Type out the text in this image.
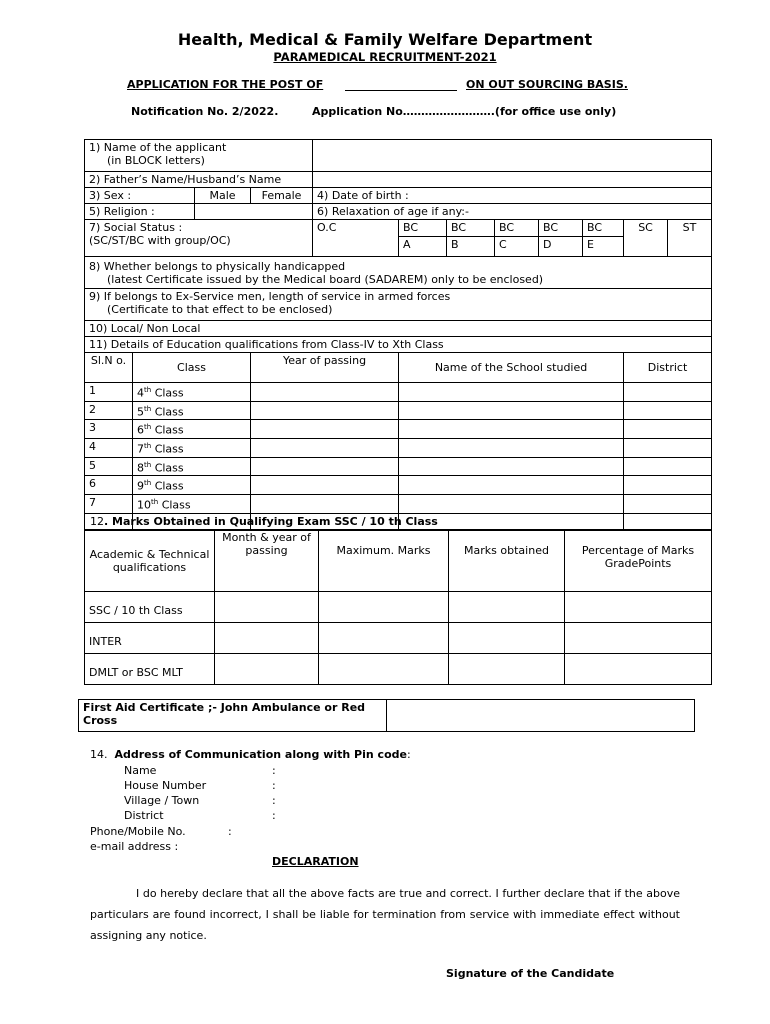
Health, Medical & Family Welfare Department
PARAMEDICAL RECRUITMENT-2021
APPLICATION FOR THE POST OF	ON OUT SOURCING BASIS.
Notification No. 2/2022.	Application No…………………….(for office use only)
1) Name of the applicant
(in BLOCK letters)											
2) Father’s Name/Husband’s Name											
3) Sex :		Male	Female	4) Date of birth :							
5) Religion :				6) Relaxation of age if any:-							
7) Social Status :
(SC/ST/BC with group/OC)				O.C	BC	BC	BC	BC	BC	SC	ST
					A	B	C	D	E		
8) Whether belongs to physically handicapped
(latest Certificate issued by the Medical board (SADAREM) only to be enclosed)											
9) If belongs to Ex-Service men, length of service in armed forces
(Certificate to that effect to be enclosed)											
10) Local/ Non Local											
11) Details of Education qualifications from Class-IV to Xth Class											
Sl.N o.	Class		Year of passing		Name of the School studied					District	
1	4th Class										
2	5th Class										
3	6th Class										
4	7th Class										
5	8th Class										
6	9th Class										
7	10th Class										

12. Marks Obtained in Qualifying Exam SSC / 10 th Class
Academic & Technical qualifications	Month & year of passing	Maximum. Marks	Marks obtained	Percentage of Marks GradePoints
SSC / 10 th Class				
INTER				
DMLT or BSC MLT				
First Aid Certificate ;- John Ambulance or Red Cross	
14. Address of Communication along with Pin code:
Name	:
House Number	:
Village / Town	:
District	:
Phone/Mobile No.	:
e-mail address :
DECLARATION
I do hereby declare that all the above facts are true and correct. I further declare that if the above particulars are found incorrect, I shall be liable for termination from service with immediate effect without assigning any notice.
Signature of the Candidate
